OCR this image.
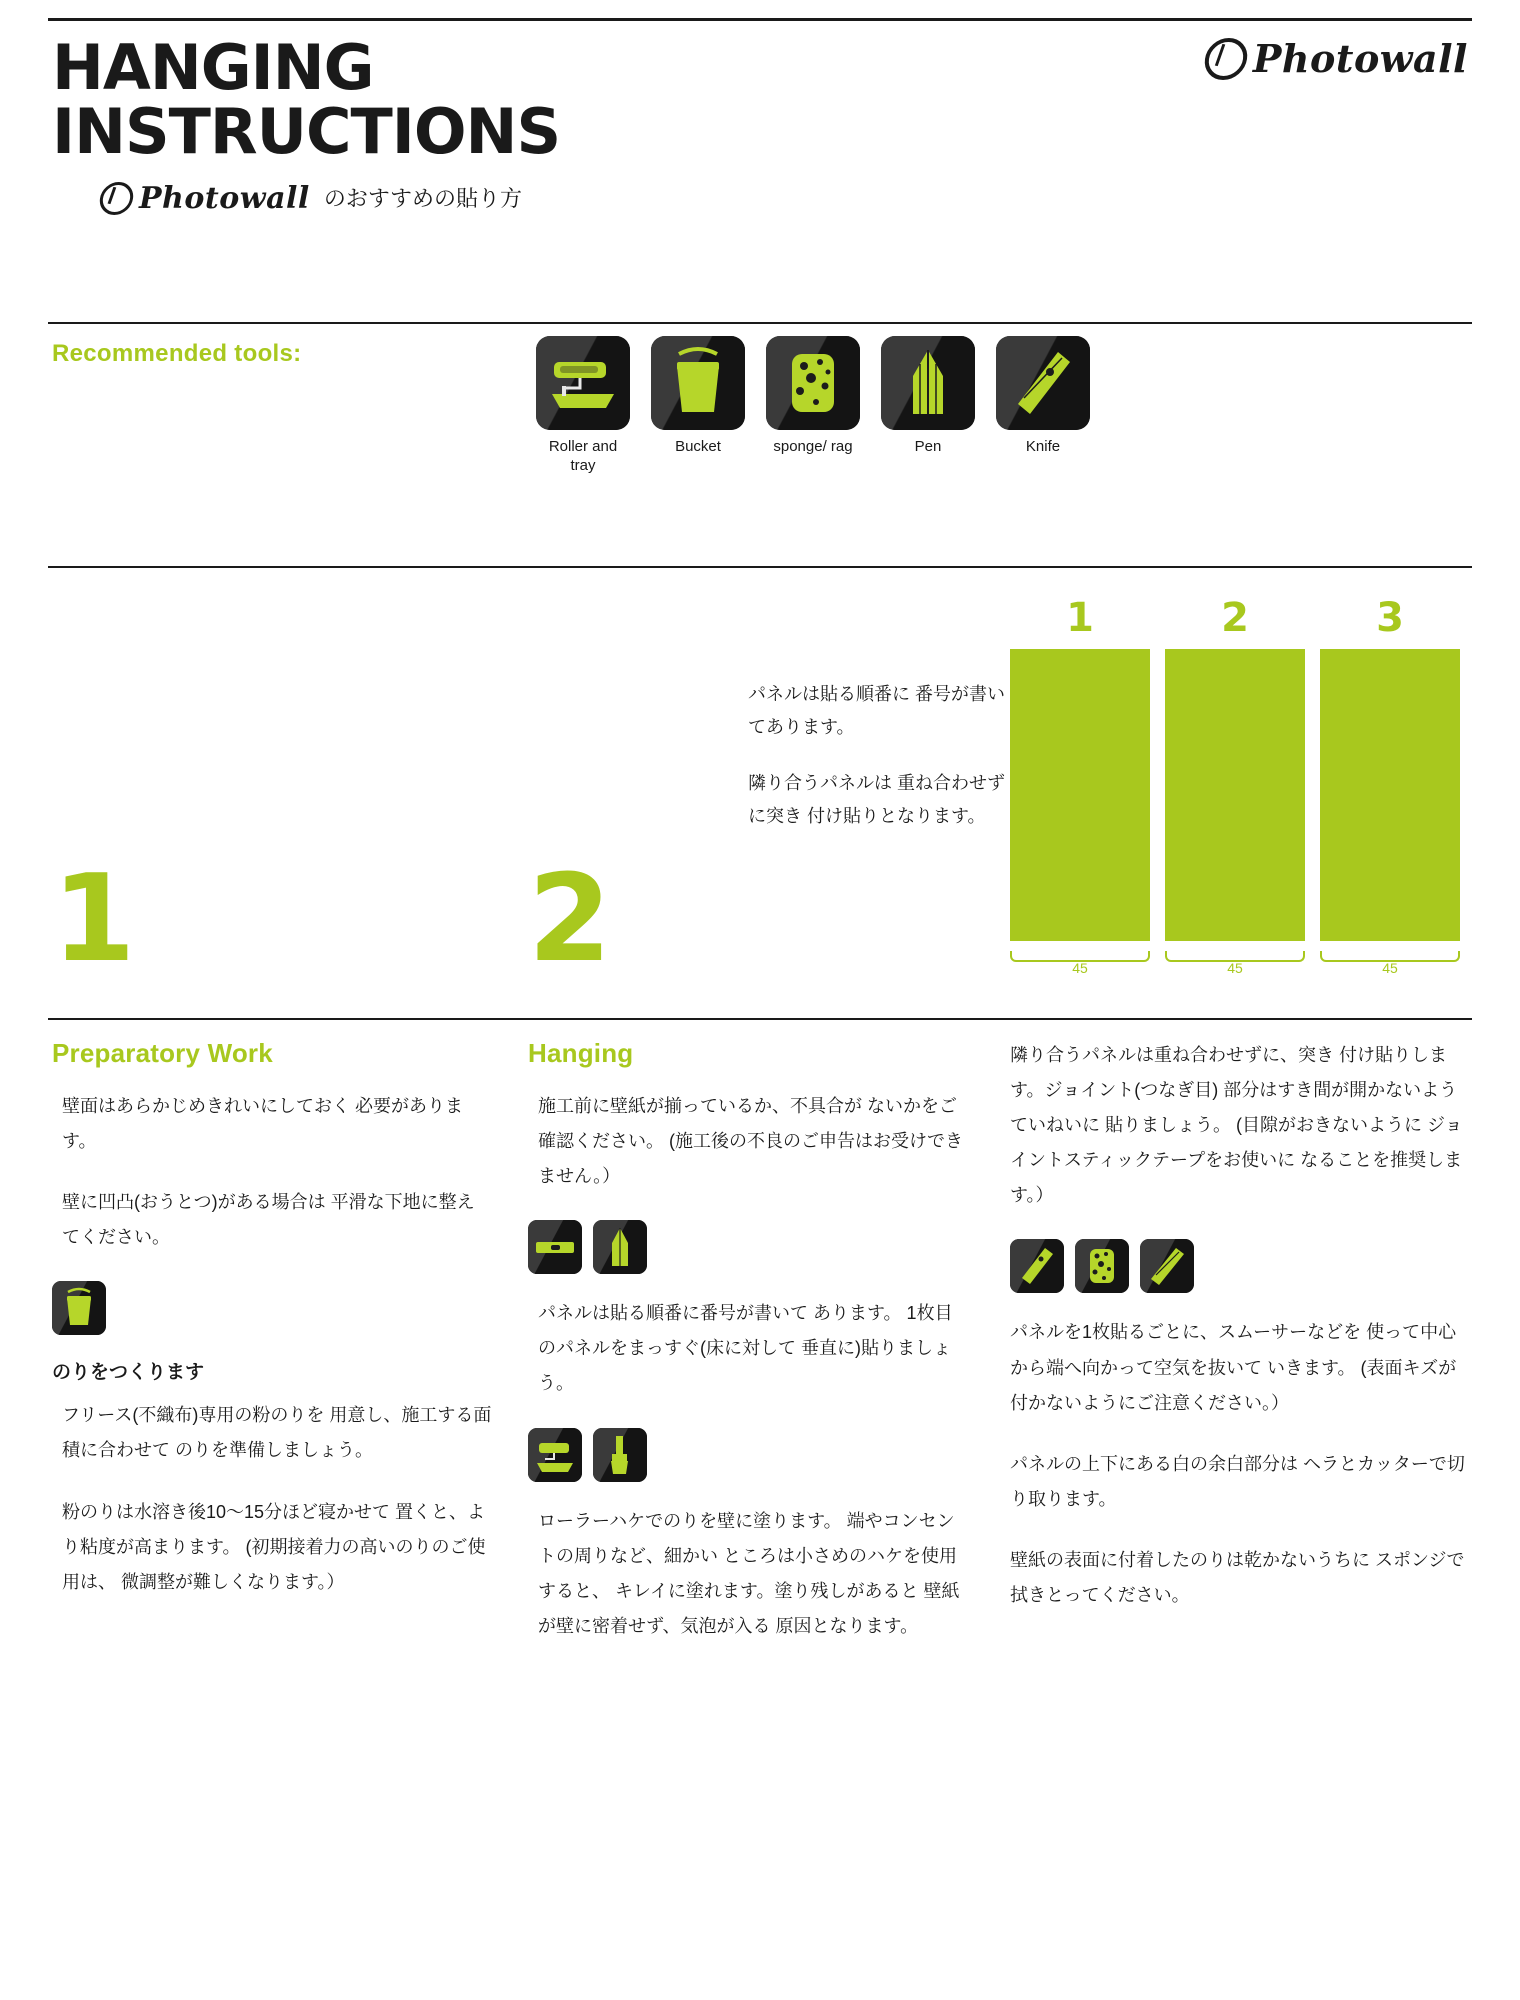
HANGING
INSTRUCTIONS
Photowall のおすすめの貼り方
Photowall
Recommended tools:
Roller and tray
Bucket	sponge/ rag	Pen	Knife

パネルは貼る順番に 番号が書いてあります。

隣り合うパネルは 重ね合わせずに突き 付け貼りとなります。

1	2	3
45	45	45
1	2
Preparatory Work

壁面はあらかじめきれいにしておく 必要があります。

壁に凹凸(おうとつ)がある場合は 平滑な下地に整えてください。

のりをつくります

フリース(不織布)専用の粉のりを 用意し、施工する面積に合わせて のりを準備しましょう。

粉のりは水溶き後10〜15分ほど寝かせて 置くと、より粘度が高まります。 (初期接着力の高いのりのご使用は、 微調整が難しくなります。）

Hanging

施工前に壁紙が揃っているか、不具合が ないかをご確認ください。 (施工後の不良のご申告はお受けできません。）

パネルは貼る順番に番号が書いて あります。 1枚目のパネルをまっすぐ(床に対して 垂直に)貼りましょう。

ローラーハケでのりを壁に塗ります。 端やコンセントの周りなど、細かい ところは小さめのハケを使用すると、 キレイに塗れます。塗り残しがあると 壁紙が壁に密着せず、気泡が入る 原因となります。

隣り合うパネルは重ね合わせずに、突き 付け貼りします。ジョイント(つなぎ目) 部分はすき間が開かないようていねいに 貼りましょう。 (目隙がおきないように ジョイントスティックテープをお使いに なることを推奨します。）

パネルを1枚貼るごとに、スムーサーなどを 使って中心から端へ向かって空気を抜いて いきます。 (表面キズが付かないようにご注意ください。）

パネルの上下にある白の余白部分は ヘラとカッターで切り取ります。

壁紙の表面に付着したのりは乾かないうちに スポンジで拭きとってください。
